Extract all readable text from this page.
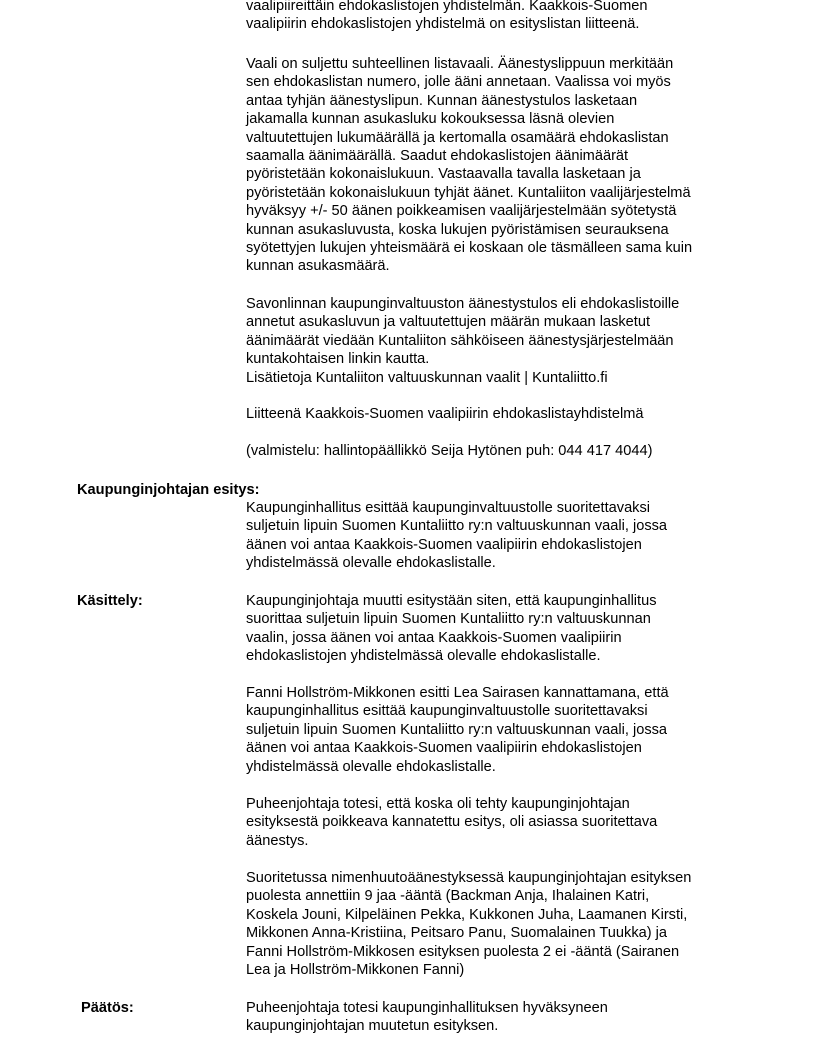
vaalipiireittäin ehdokaslistojen yhdistelmän. Kaakkois-Suomen
vaalipiirin ehdokaslistojen yhdistelmä on esityslistan liitteenä.

Vaali on suljettu suhteellinen listavaali. Äänestyslippuun merkitään
sen ehdokaslistan numero, jolle ääni annetaan. Vaalissa voi myös
antaa tyhjän äänestyslipun. Kunnan äänestystulos lasketaan
jakamalla kunnan asukasluku kokouksessa läsnä olevien
valtuutettujen lukumäärällä ja kertomalla osamäärä ehdokaslistan
saamalla äänimäärällä. Saadut ehdokaslistojen äänimäärät
pyöristetään kokonaislukuun. Vastaavalla tavalla lasketaan ja
pyöristetään kokonaislukuun tyhjät äänet. Kuntaliiton vaalijärjestelmä
hyväksyy +/- 50 äänen poikkeamisen vaalijärjestelmään syötetystä
kunnan asukasluvusta, koska lukujen pyöristämisen seurauksena
syötettyjen lukujen yhteismäärä ei koskaan ole täsmälleen sama kuin
kunnan asukasmäärä.

Savonlinnan kaupunginvaltuuston äänestystulos eli ehdokaslistoille
annetut asukasluvun ja valtuutettujen määrän mukaan lasketut
äänimäärät viedään Kuntaliiton sähköiseen äänestysjärjestelmään
kuntakohtaisen linkin kautta.
Lisätietoja Kuntaliiton valtuuskunnan vaalit | Kuntaliitto.fi

Liitteenä Kaakkois-Suomen vaalipiirin ehdokaslistayhdistelmä

(valmistelu: hallintopäällikkö Seija Hytönen puh: 044 417 4044)

Kaupunginjohtajan esitys:

Kaupunginhallitus esittää kaupunginvaltuustolle suoritettavaksi
suljetuin lipuin Suomen Kuntaliitto ry:n valtuuskunnan vaali, jossa
äänen voi antaa Kaakkois-Suomen vaalipiirin ehdokaslistojen
yhdistelmässä olevalle ehdokaslistalle.

Käsittely:	Kaupunginjohtaja muutti esitystään siten, että kaupunginhallitus
suorittaa suljetuin lipuin Suomen Kuntaliitto ry:n valtuuskunnan
vaalin, jossa äänen voi antaa Kaakkois-Suomen vaalipiirin
ehdokaslistojen yhdistelmässä olevalle ehdokaslistalle.

Fanni Hollström-Mikkonen esitti Lea Sairasen kannattamana, että
kaupunginhallitus esittää kaupunginvaltuustolle suoritettavaksi
suljetuin lipuin Suomen Kuntaliitto ry:n valtuuskunnan vaali, jossa
äänen voi antaa Kaakkois-Suomen vaalipiirin ehdokaslistojen
yhdistelmässä olevalle ehdokaslistalle.

Puheenjohtaja totesi, että koska oli tehty kaupunginjohtajan
esityksestä poikkeava kannatettu esitys, oli asiassa suoritettava
äänestys.

Suoritetussa nimenhuutoäänestyksessä kaupunginjohtajan esityksen
puolesta annettiin 9 jaa -ääntä (Backman Anja, Ihalainen Katri,
Koskela Jouni, Kilpeläinen Pekka, Kukkonen Juha, Laamanen Kirsti,
Mikkonen Anna-Kristiina, Peitsaro Panu, Suomalainen Tuukka) ja
Fanni Hollström-Mikkosen esityksen puolesta 2 ei -ääntä (Sairanen
Lea ja Hollström-Mikkonen Fanni)

Päätös:	Puheenjohtaja totesi kaupunginhallituksen hyväksyneen
kaupunginjohtajan muutetun esityksen.
